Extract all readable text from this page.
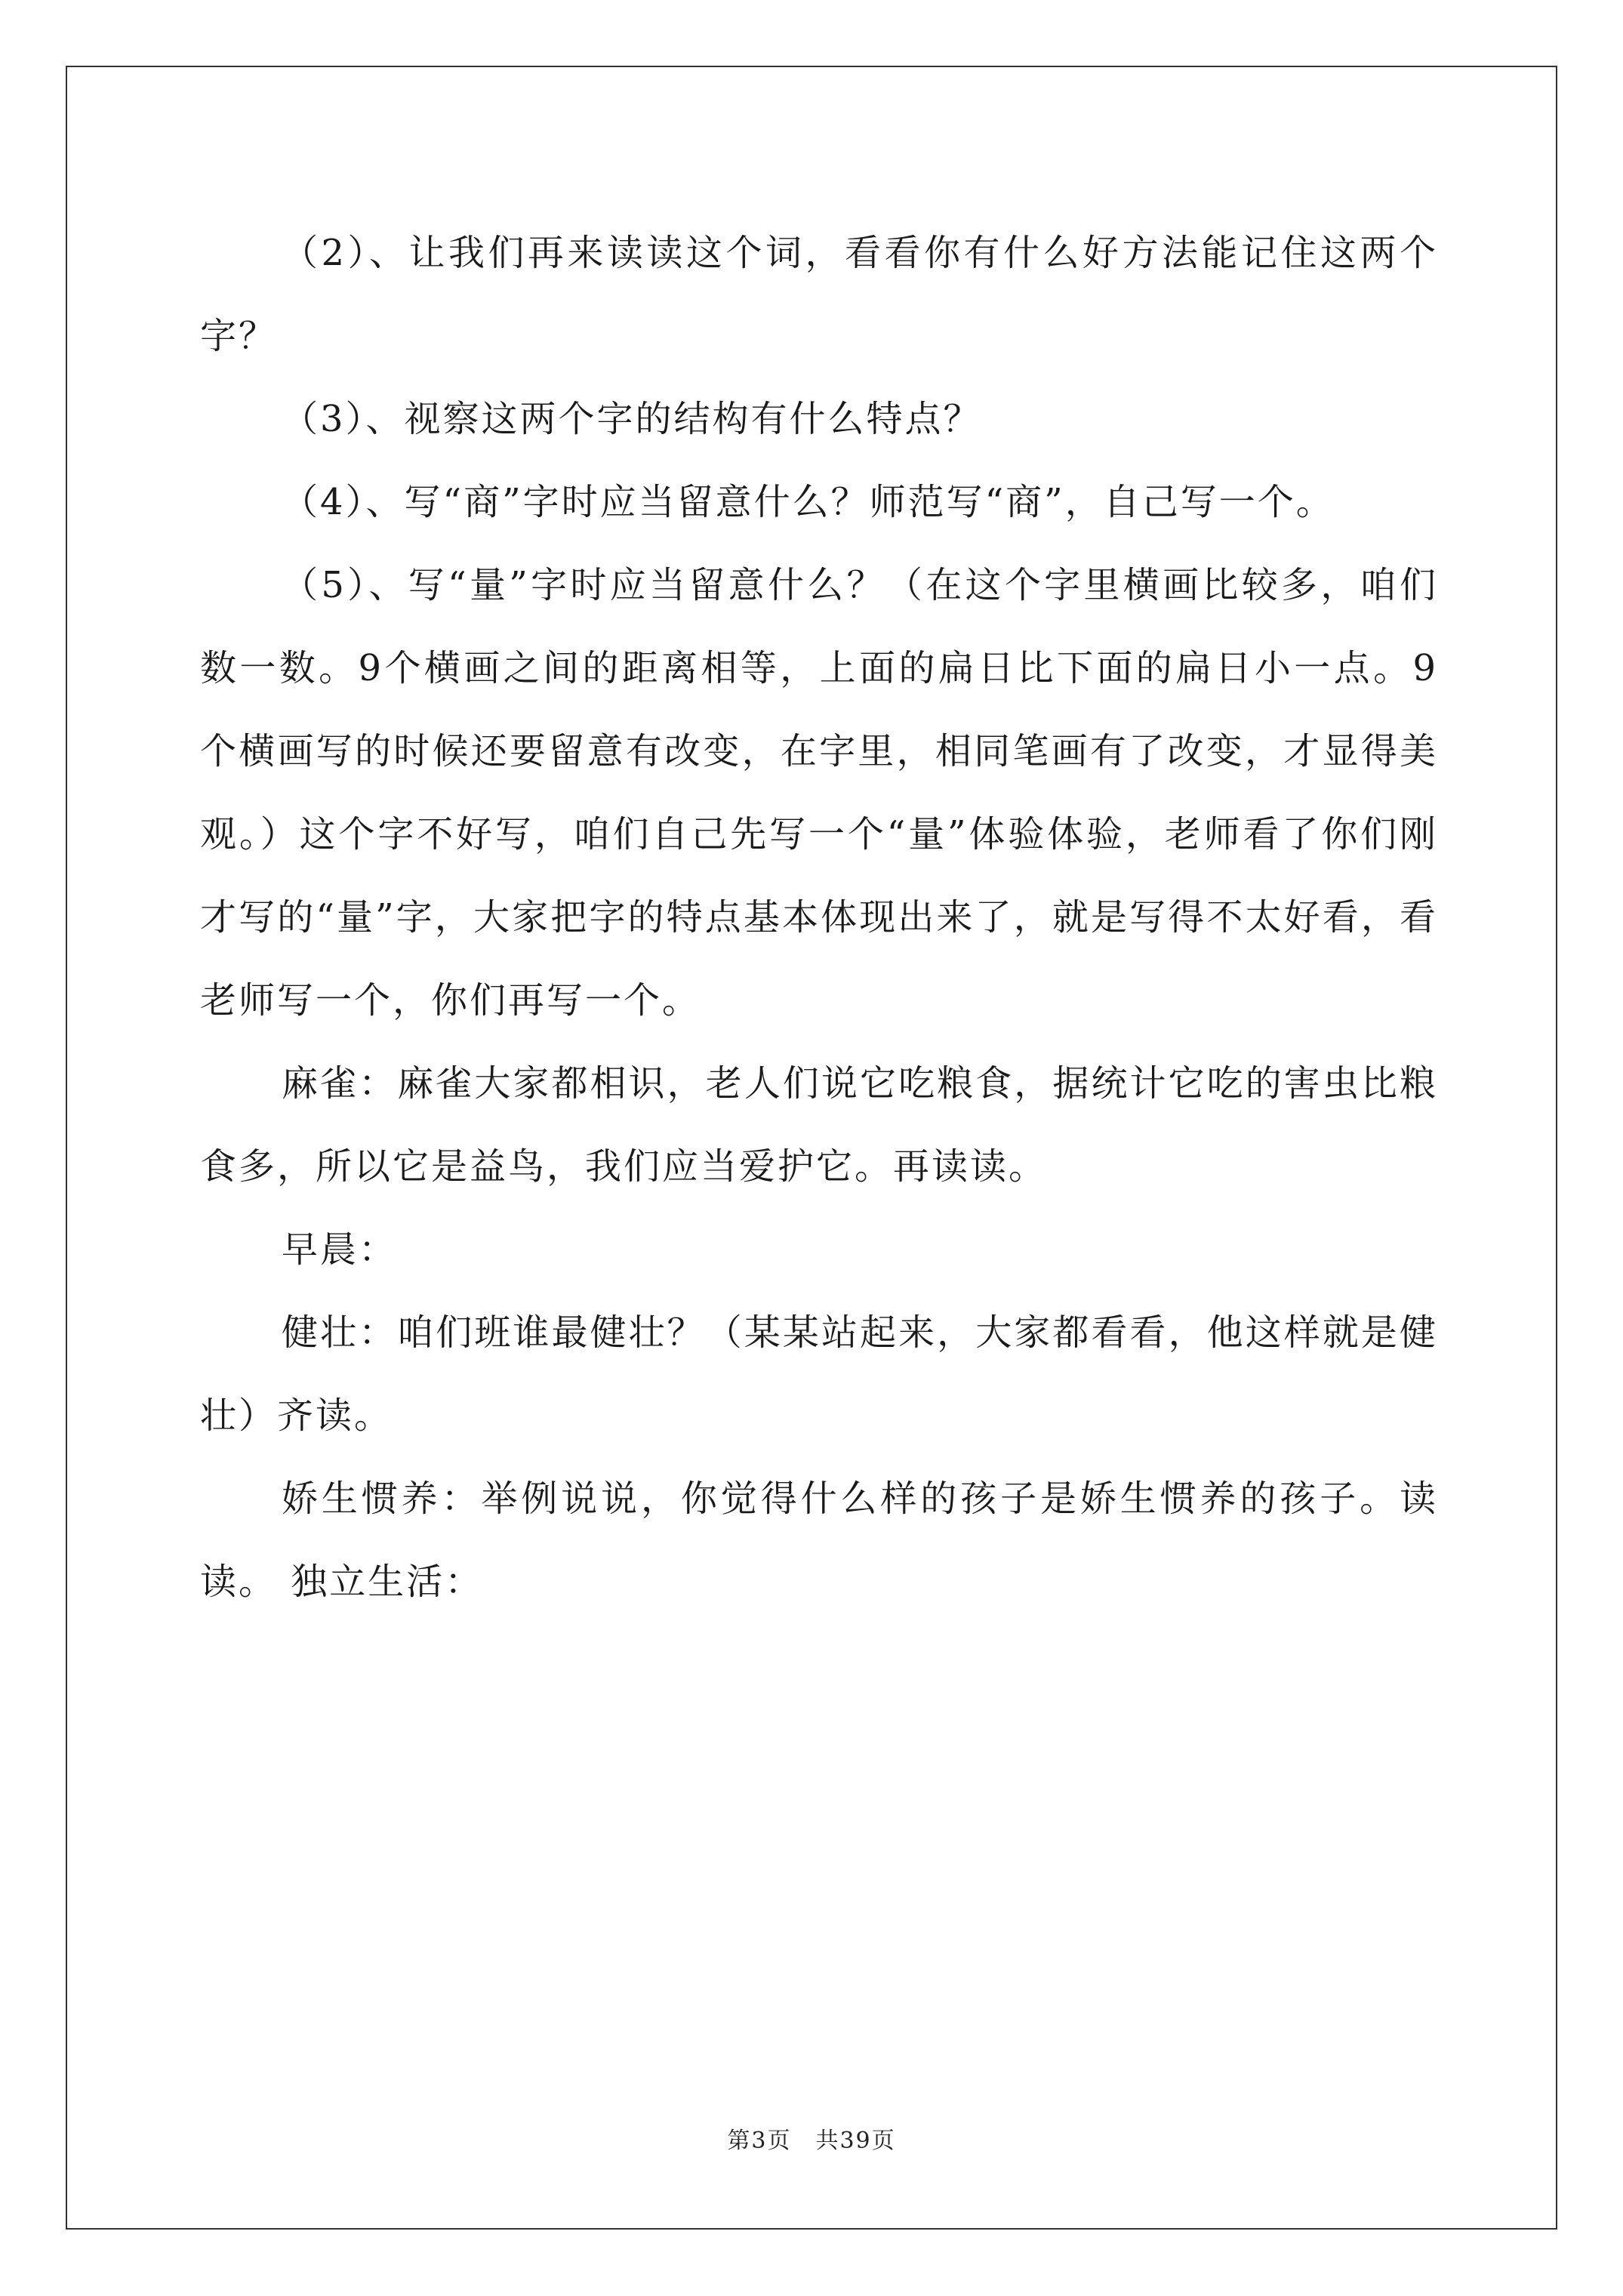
（2）、让我们再来读读这个词，看看你有什么好方法能记住这两个字？

（3）、视察这两个字的结构有什么特点？

（4）、写“商”字时应当留意什么？师范写“商”，自己写一个。

（5）、写“量”字时应当留意什么？（在这个字里横画比较多，咱们数一数。9个横画之间的距离相等，上面的扁日比下面的扁日小一点。9个横画写的时候还要留意有改变，在字里，相同笔画有了改变，才显得美观。）这个字不好写，咱们自己先写一个“量”体验体验，老师看了你们刚才写的“量”字，大家把字的特点基本体现出来了，就是写得不太好看，看老师写一个，你们再写一个。

麻雀：麻雀大家都相识，老人们说它吃粮食，据统计它吃的害虫比粮食多，所以它是益鸟，我们应当爱护它。再读读。

早晨：

健壮：咱们班谁最健壮？（某某站起来，大家都看看，他这样就是健壮）齐读。

娇生惯养：举例说说，你觉得什么样的孩子是娇生惯养的孩子。读读。 独立生活：

第3页　共39页
